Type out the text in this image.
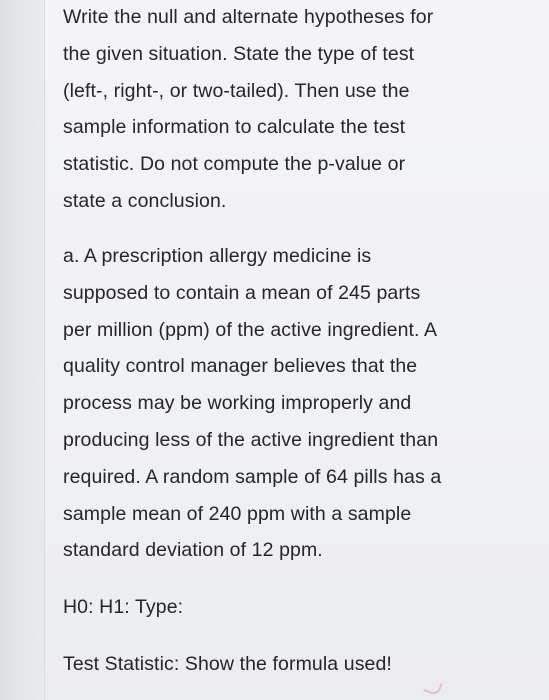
Write the null and alternate hypotheses for
the given situation. State the type of test
(left-, right-, or two-tailed). Then use the
sample information to calculate the test
statistic. Do not compute the p-value or
state a conclusion.
a. A prescription allergy medicine is
supposed to contain a mean of 245 parts
per million (ppm) of the active ingredient. A
quality control manager believes that the
process may be working improperly and
producing less of the active ingredient than
required. A random sample of 64 pills has a
sample mean of 240 ppm with a sample
standard deviation of 12 ppm.
H0: H1: Type:
Test Statistic: Show the formula used!
